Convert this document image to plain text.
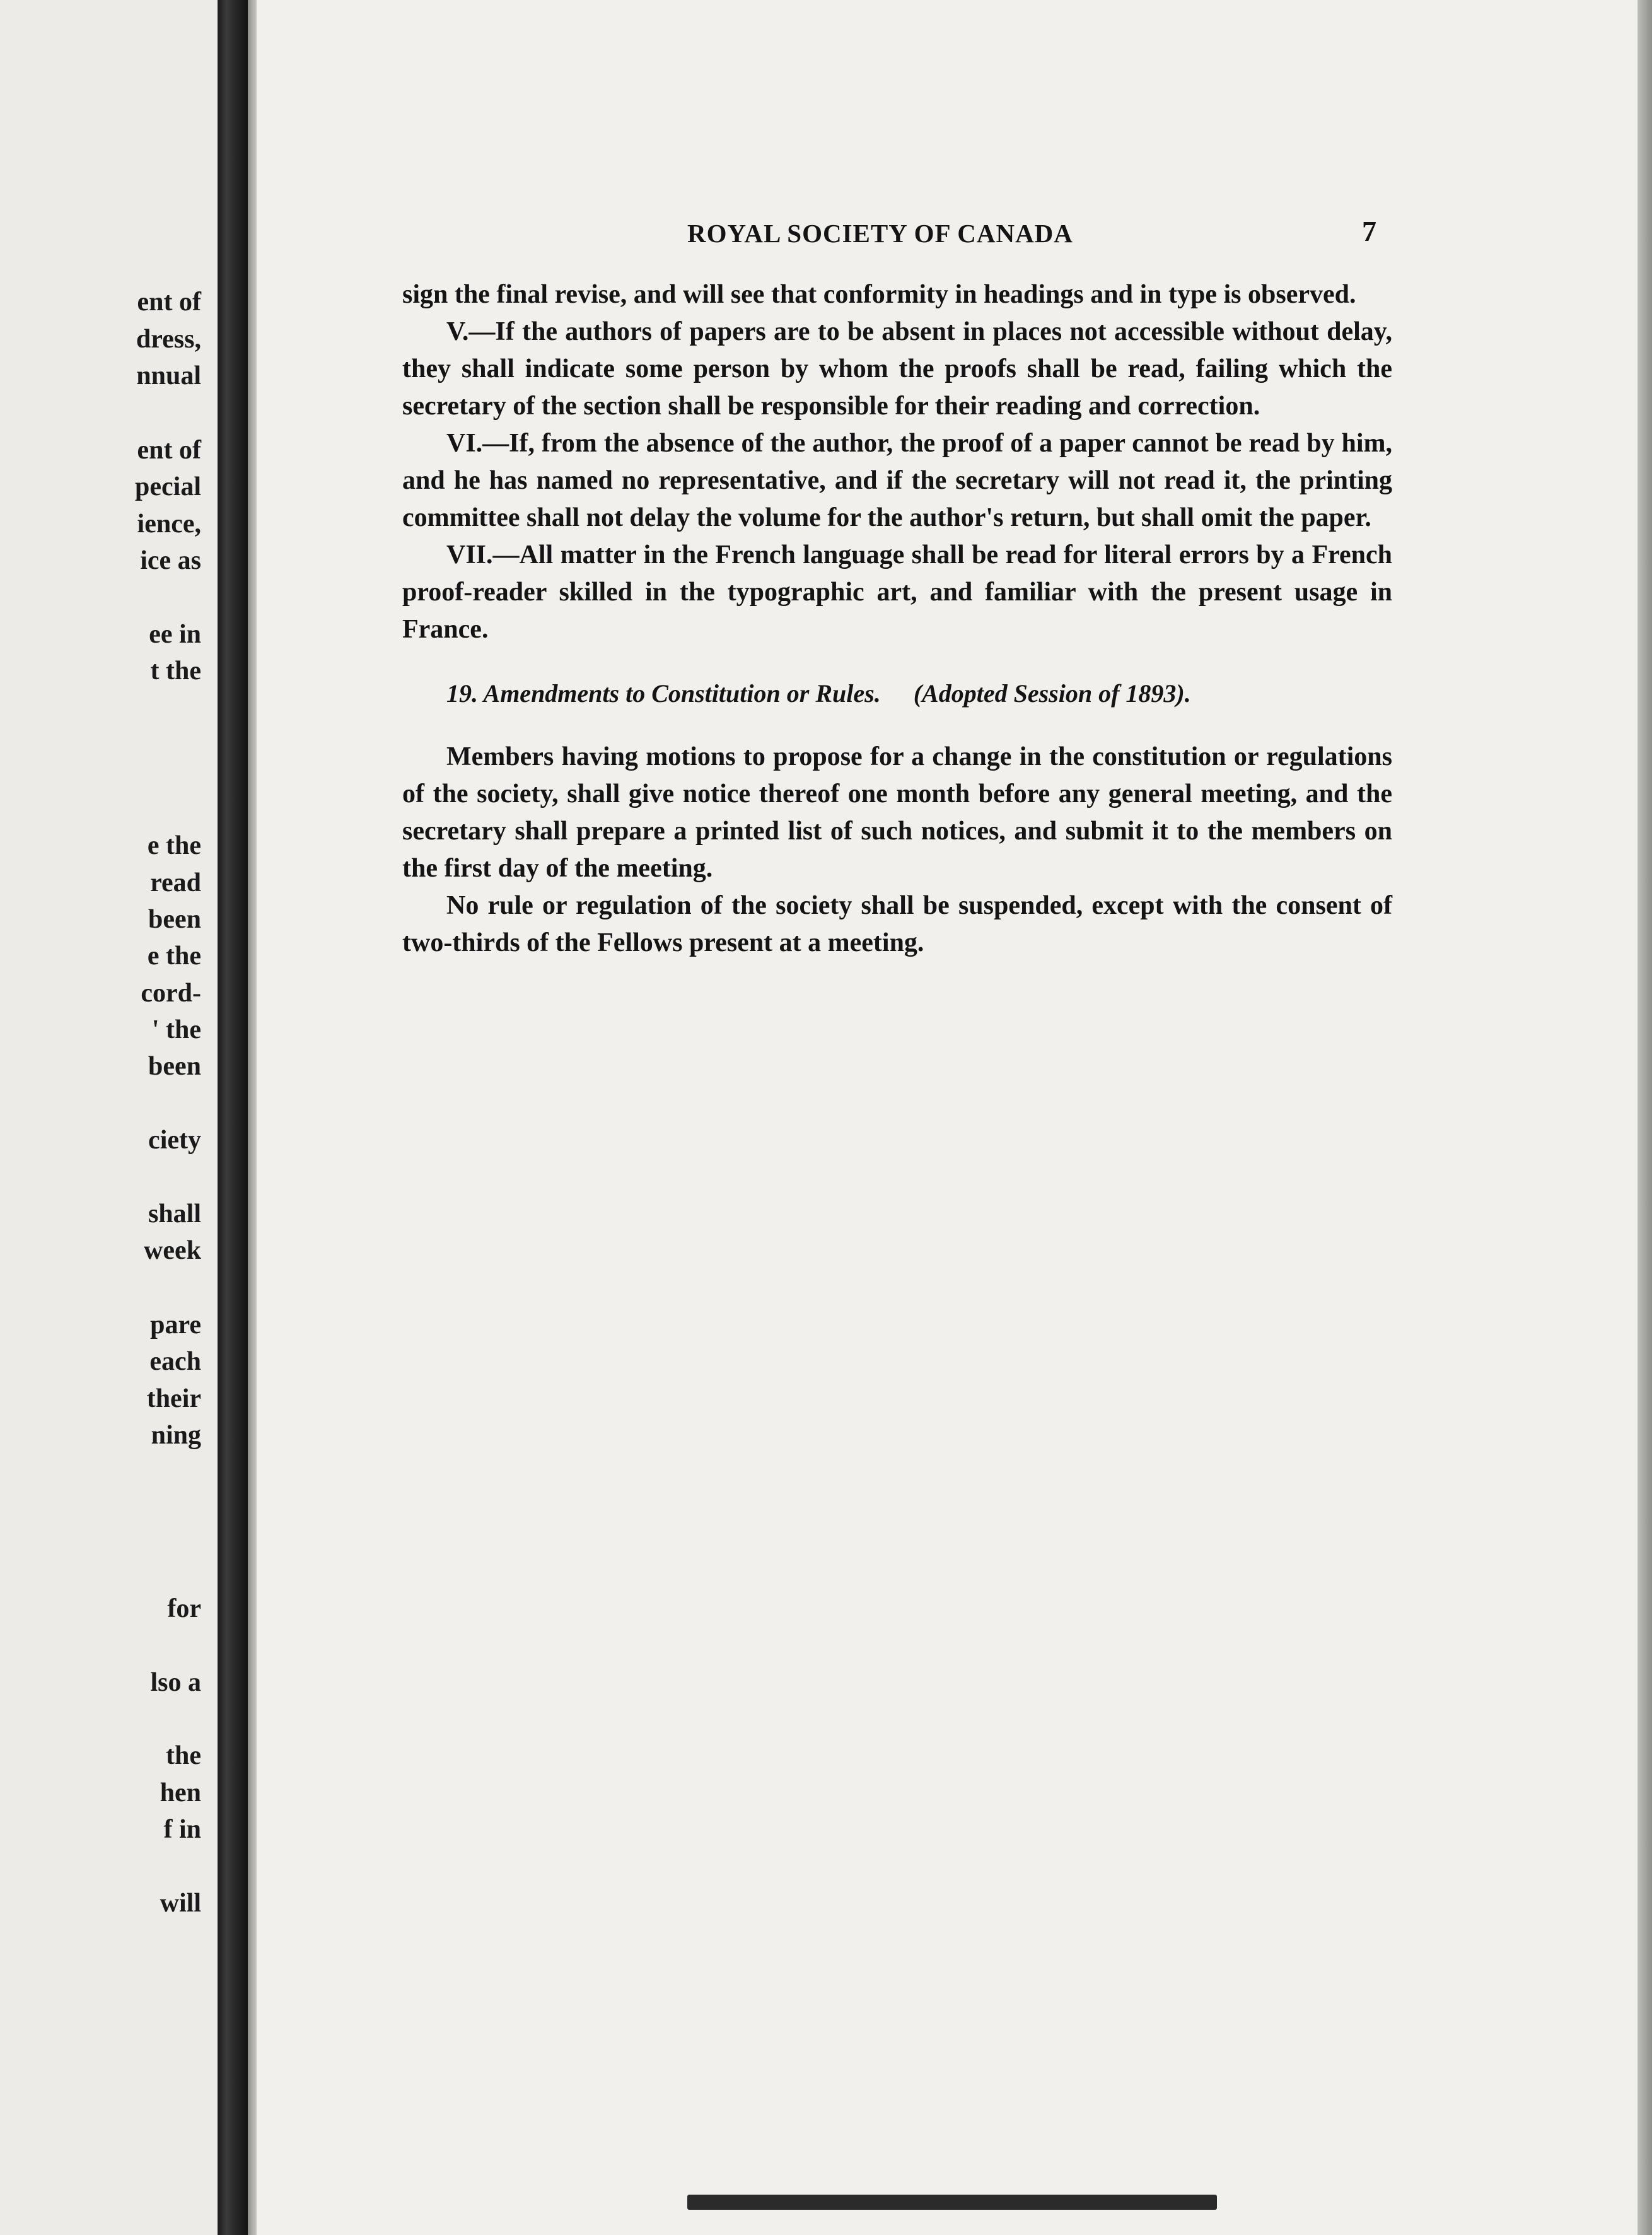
ent of
dress,
nnual
ent of
pecial
ience,
ice as
ee in
t the
e the
read
been
e the
cord-
' the
been
ciety
shall
week
pare
each
their
ning
for
lso a
the
hen
f in
will
ROYAL SOCIETY OF CANADA	7

sign the final revise, and will see that conformity in headings and in type is observed.

V.—If the authors of papers are to be absent in places not accessible without delay, they shall indicate some person by whom the proofs shall be read, failing which the secretary of the section shall be responsible for their reading and correction.

VI.—If, from the absence of the author, the proof of a paper cannot be read by him, and he has named no representative, and if the secretary will not read it, the printing committee shall not delay the volume for the author's return, but shall omit the paper.

VII.—All matter in the French language shall be read for literal errors by a French proof-reader skilled in the typographic art, and familiar with the present usage in France.

19. Amendments to Constitution or Rules. (Adopted Session of 1893).

Members having motions to propose for a change in the constitution or regulations of the society, shall give notice thereof one month before any general meeting, and the secretary shall prepare a printed list of such notices, and submit it to the members on the first day of the meeting.

No rule or regulation of the society shall be suspended, except with the consent of two-thirds of the Fellows present at a meeting.
